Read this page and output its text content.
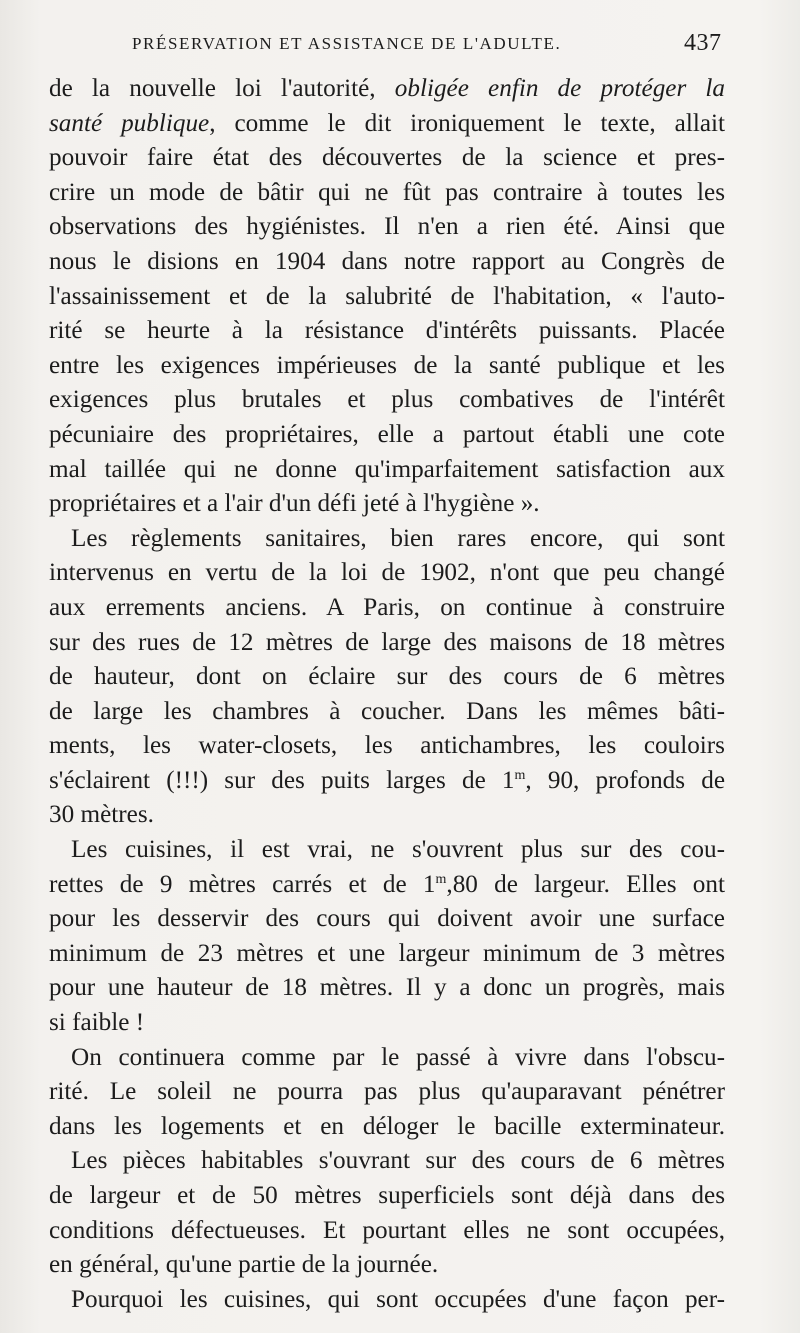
PRÉSERVATION ET ASSISTANCE DE L'ADULTE.	437

de la nouvelle loi l'autorité, obligée enfin de protéger la
santé publique, comme le dit ironiquement le texte, allait
pouvoir faire état des découvertes de la science et pres-
crire un mode de bâtir qui ne fût pas contraire à toutes les
observations des hygiénistes. Il n'en a rien été. Ainsi que
nous le disions en 1904 dans notre rapport au Congrès de
l'assainissement et de la salubrité de l'habitation, « l'auto-
rité se heurte à la résistance d'intérêts puissants. Placée
entre les exigences impérieuses de la santé publique et les
exigences plus brutales et plus combatives de l'intérêt
pécuniaire des propriétaires, elle a partout établi une cote
mal taillée qui ne donne qu'imparfaitement satisfaction aux
propriétaires et a l'air d'un défi jeté à l'hygiène ».

Les règlements sanitaires, bien rares encore, qui sont
intervenus en vertu de la loi de 1902, n'ont que peu changé
aux errements anciens. A Paris, on continue à construire
sur des rues de 12 mètres de large des maisons de 18 mètres
de hauteur, dont on éclaire sur des cours de 6 mètres
de large les chambres à coucher. Dans les mêmes bâti-
ments, les water-closets, les antichambres, les couloirs
s'éclairent (!!!) sur des puits larges de 1$^m$, 90, profonds de
30 mètres.

Les cuisines, il est vrai, ne s'ouvrent plus sur des cou-
rettes de 9 mètres carrés et de 1$^m$,80 de largeur. Elles ont
pour les desservir des cours qui doivent avoir une surface
minimum de 23 mètres et une largeur minimum de 3 mètres
pour une hauteur de 18 mètres. Il y a donc un progrès, mais
si faible !

On continuera comme par le passé à vivre dans l'obscu-
rité. Le soleil ne pourra pas plus qu'auparavant pénétrer
dans les logements et en déloger le bacille exterminateur.

Les pièces habitables s'ouvrant sur des cours de 6 mètres
de largeur et de 50 mètres superficiels sont déjà dans des
conditions défectueuses. Et pourtant elles ne sont occupées,
en général, qu'une partie de la journée.

Pourquoi les cuisines, qui sont occupées d'une façon per-
